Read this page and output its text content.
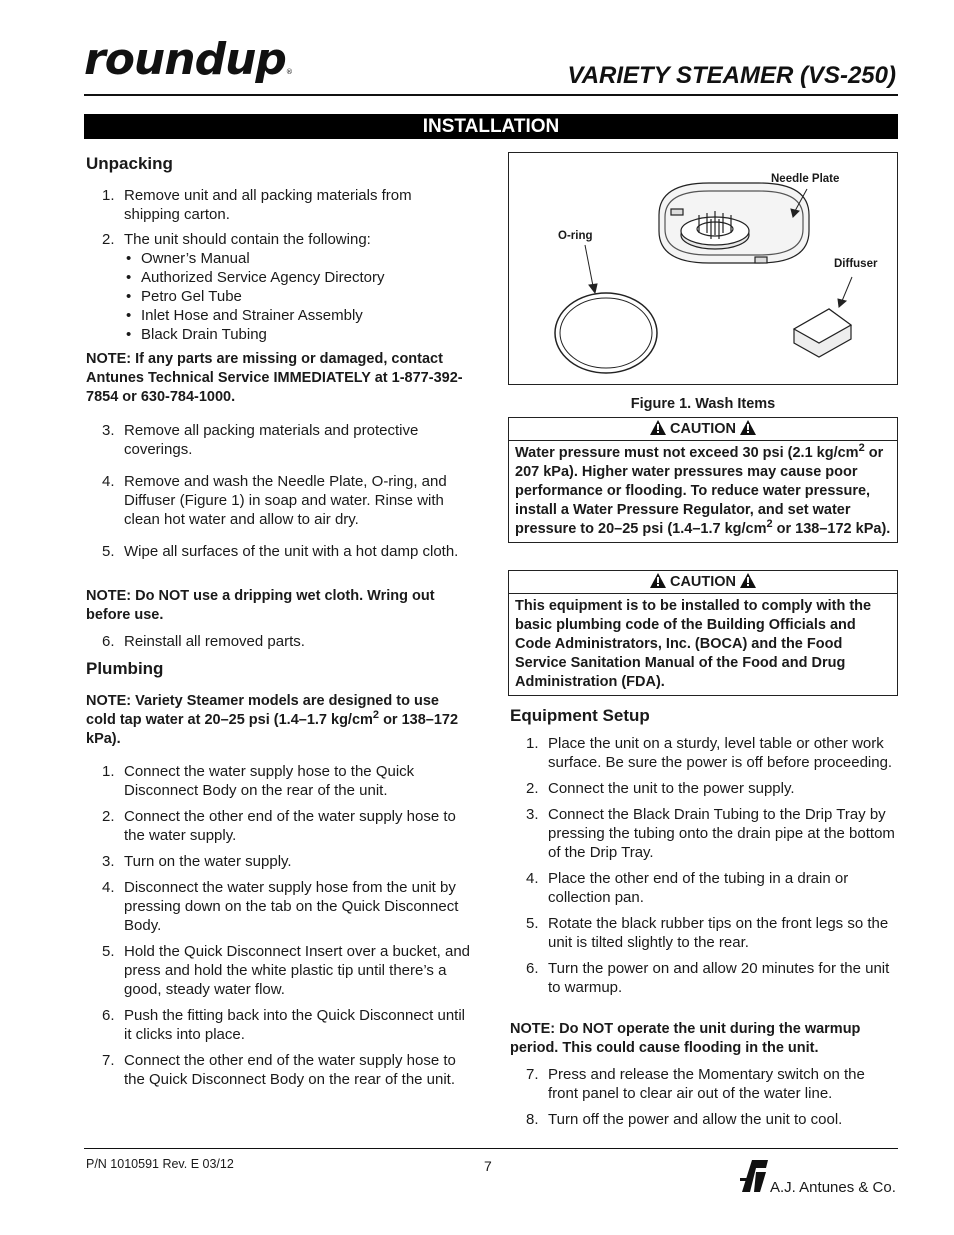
roundup®	VARIETY STEAMER (VS-250)
INSTALLATION
Unpacking
1. Remove unit and all packing materials from shipping carton.
2. The unit should contain the following:
• Owner’s Manual
• Authorized Service Agency Directory
• Petro Gel Tube
• Inlet Hose and Strainer Assembly
• Black Drain Tubing
NOTE: If any parts are missing or damaged, contact Antunes Technical Service IMMEDIATELY at 1-877-392-7854 or 630-784-1000.
3. Remove all packing materials and protective coverings.
4. Remove and wash the Needle Plate, O-ring, and Diffuser (Figure 1) in soap and water. Rinse with clean hot water and allow to air dry.
5. Wipe all surfaces of the unit with a hot damp cloth.
NOTE: Do NOT use a dripping wet cloth. Wring out before use.
6. Reinstall all removed parts.
Plumbing
NOTE: Variety Steamer models are designed to use cold tap water at 20–25 psi (1.4–1.7 $kg/cm^2$ or 138–172 kPa).
1. Connect the water supply hose to the Quick Disconnect Body on the rear of the unit.
2. Connect the other end of the water supply hose to the water supply.
3. Turn on the water supply.
4. Disconnect the water supply hose from the unit by pressing down on the tab on the Quick Disconnect Body.
5. Hold the Quick Disconnect Insert over a bucket, and press and hold the white plastic tip until there’s a good, steady water flow.
6. Push the fitting back into the Quick Disconnect until it clicks into place.
7. Connect the other end of the water supply hose to the Quick Disconnect Body on the rear of the unit.
Needle Plate
O-ring
Diffuser
Figure 1. Wash Items
CAUTION
Water pressure must not exceed 30 psi (2.1 $kg/cm^2$ or 207 kPa). Higher water pressures may cause poor performance or flooding. To reduce water pressure, install a Water Pressure Regulator, and set water pressure to 20–25 psi (1.4–1.7 $kg/cm^2$ or 138–172 kPa).
CAUTION
This equipment is to be installed to comply with the basic plumbing code of the Building Officials and Code Administrators, Inc. (BOCA) and the Food Service Sanitation Manual of the Food and Drug Administration (FDA).
Equipment Setup
1. Place the unit on a sturdy, level table or other work surface. Be sure the power is off before proceeding.
2. Connect the unit to the power supply.
3. Connect the Black Drain Tubing to the Drip Tray by pressing the tubing onto the drain pipe at the bottom of the Drip Tray.
4. Place the other end of the tubing in a drain or collection pan.
5. Rotate the black rubber tips on the front legs so the unit is tilted slightly to the rear.
6. Turn the power on and allow 20 minutes for the unit to warmup.
NOTE: Do NOT operate the unit during the warmup period. This could cause flooding in the unit.
7. Press and release the Momentary switch on the front panel to clear air out of the water line.
8. Turn off the power and allow the unit to cool.
P/N 1010591 Rev. E 03/12	7
A.J. Antunes & Co.
